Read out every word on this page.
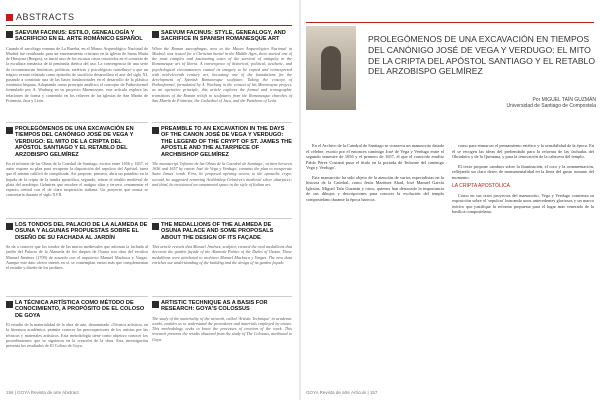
ABSTRACTS
SAEVUM FACINUS: ESTILO, GENEALOGÍA Y SACRIFICIO EN EL ARTE ROMÁNICO ESPAÑOL
Cuando el sarcófago romano de La Bureba, en el Museo Arqueológico Nacional de Madrid fue reutilizado para un enterramiento cristiano en la iglesia de Santa María de Hinojosa (Burgos), se inició uno de los escasos casos conocidos en el contexto de la escultura románica de la península ibérica del uso. La convergencia de una serie de circunstancias históricas, políticas, estéticas y psicológicas contribuyó a que un trágico evento relatado como episodio de sacrificio desarrollara el arte del siglo XI, pasando a constituir una de las bases fundacionales en el desarrollo de la plástica románica hispana. Adoptando como principio analítico el concepto de Pathosformel formulado por A. Warburg en su proyecto Mnemosyne, este artículo explora las relaciones de forma y contenido en los relieves de las iglesias de San Martín de Frómista, Jaca y León.
PROLEGÓMENOS DE UNA EXCAVACIÓN EN TIEMPOS DEL CANÓNIGO JOSÉ DE VEGA Y VERDUGO: EL MITO DE LA CRIPTA DEL APÓSTOL SANTIAGO Y EL RETABLO DEL ARZOBISPO GELMÍREZ
En el informe de las Obras de la Catedral de Santiago, escrito entre 1656 y 1657, el autor expone su plan para recuperar la disposición del sepulcro del Apóstol, tarea que él mismo calificó de complicada. Así propone, primero, abrir un pasadizo en la bajada de la cripta de la tumba apostólica, segundo, retirar el retablo medieval de plata del arzobispo Gelmírez que encubre el antiguo altar y tercero, ornamentar el espacio central con el de claro inspiración italiana. Un proyecto que nunca se concretaría durante el siglo XVII.
LOS TONDOS DEL PALACIO DE LA ALAMEDA DE OSUNA Y ALGUNAS PROPUESTAS SOBRE EL DISEÑO DE SU FACHADA AL JARDÍN
Se da a conocer que los tondos de las muros medievales que adornan la fachada al jardín del Palacio de la Alameda de los duques de Osuna son obra del escultor Manuel Jiménez (1709) de acuerdo con el arquitecto Manuel Machuca y Vargas. Aunque este dato ofrece interés en sí, se contemplan varios más que complementan el estudio y diseño de los jardines.
LA TÉCNICA ARTÍSTICA COMO MÉTODO DE CONOCIMIENTO, A PROPÓSITO DE EL COLOSO DE GOYA
El estudio de la materialidad de la obra de arte, denominado «Técnica artística» en la literatura académica, permite conocer las preocupaciones de los artistas por las técnicas y materiales artísticos. Esta metodología tiene como objetivo conocer los procedimientos que se siguieron en la creación de la obra. Esta investigación presenta los resultados de El Coloso de Goya.
SAEVUM FACINUS: STYLE, GENEALOGY, AND SACRIFICE IN SPANISH ROMANESQUE ART
When the Roman sarcophagus, now at the Museo Arqueológico Nacional in Madrid, was reused for a Christian burial in the Middle Ages, there started one of the most complex and fascinating cases of the survival of antiquity in the Romanesque art of Iberia. A convergence of historical, political, aesthetic, and psychological circumstances caused its imagery to be copied and reinterpreted with mid-eleventh century art, becoming one of the foundations for the development of Spanish Romanesque sculpture. Taking the concept of Pathosformel, formulated by A. Warburg in the context of his Mnemosyne project, as an operative principle, this article explores the formal and iconographic transitions of the Roman reliefs in sculptures from the Romanesque churches of San Martín de Frómista, the Cathedral of Jaca, and the Pantheon of León.
PREAMBLE TO AN EXCAVATION IN THE DAYS OF THE CANON JOSÉ DE VEGA Y VERDUGO: THE LEGEND OF THE CRYPT OF ST. JAMES THE APOSTLE AND THE ALTARPIECE OF ARCHBISHOP GELMÍREZ
The manuscript 'Informe de las Obras de la Catedral de Santiago', written between 1656 and 1657 by canon José de Vega y Verdugo, contains the plan to recuperate Saint James' tomb. First, he proposed opening access to the apostolic crypt; second, he suggested removing Archbishop Gelmírez's medieval silver altarpiece; and third, he envisioned an ornamental space in the style of Italian art.
THE MEDALLIONS OF THE ALAMEDA DE OSUNA PALACE AND SOME PROPOSALS ABOUT THE DESIGN OF ITS FAÇADE
This article reveals that Manuel Jiménez, sculptor, created the oval medallions that decorate the garden façade of the Alameda Palace of the Dukes of Osuna. These medallions were attributed to architect Manuel Machuca y Vargas. The new data enriches our understanding of the building and the design of its garden façade.
ARTISTIC TECHNIQUE AS A BASIS FOR RESEARCH: GOYA'S COLOSSUS
The study of the materiality of the artwork, called 'Artistic Technique' in academic works, enables us to understand the procedures and materials employed by artists. This methodology seeks to know the processes of creation of the work. This research presents the results obtained from the study of The Colossus, attributed to Goya.
156 | GOYA Revista de arte Abstract
PROLEGÓMENOS DE UNA EXCAVACIÓN EN TIEMPOS DEL CANÓNIGO JOSÉ DE VEGA Y VERDUGO: EL MITO DE LA CRIPTA DEL APÓSTOL SANTIAGO Y EL RETABLO DEL ARZOBISPO GELMÍREZ
Por MIGUEL TAÍN GUZMÁN
Universidad de Santiago de Compostela

En el Archivo de la Catedral de Santiago se conserva un manuscrito datado el célebre, escrito por el entonces canónigo José de Vega y Verdugo entre el segundo semestre de 1656 y el primero de 1657, el que el conocido erudito Pablo Pérez Costanti puso el título en la portada de 'Informe del canónigo Vega y Verdugo'.

Este manuscrito ha sido objeto de la atención de varios especialistas en la historia de la Catedral, como Jesús Martínez Abad, José Manuel García Iglesias, Miguel Taín Guzmán y otros, quienes han destacado la importancia de sus dibujos y descripciones para conocer la evolución del templo compostelano durante la época barroca.

como para enmarcar el pensamiento estético y la sensibilidad de la época. En él se recogen las ideas del prebendado para la reforma de las fachadas del Obradoiro y de la Quintana, y para la renovación de la cabecera del templo.

El texto propone cambios sobre la iluminación, el coro y la ornamentación, reflejando un claro deseo de monumentalidad en la línea del gusto romano del momento.

LA CRIPTA APOSTÓLICA

Como en sus otros proyectos del manuscrito, Vega y Verdugo comienza su exposición sobre el 'sepulcro' buscando unos antecedentes gloriosos y un marco teórico que justifique la reforma propuesta para el lugar más venerado de la basílica compostelana.

GOYA Revista de arte Artículo | 157
